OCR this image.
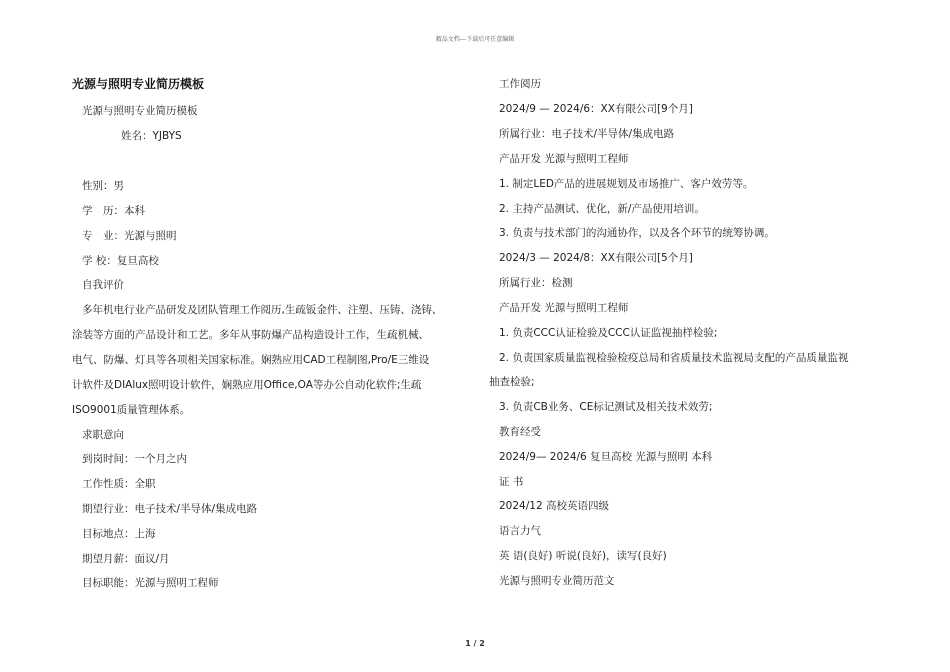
精品文档---下载后可任意编辑
光源与照明专业简历模板
光源与照明专业简历模板
姓名：YJBYS
性别：男
学　历：本科
专　业：光源与照明
学 校：复旦高校
自我评价
多年机电行业产品研发及团队管理工作阅历,生疏钣金件、注塑、压铸、浇铸、
涂装等方面的产品设计和工艺。多年从事防爆产品构造设计工作，生疏机械、
电气、防爆、灯具等各项相关国家标准。娴熟应用CAD工程制图,Pro/E三维设
计软件及DIAlux照明设计软件，娴熟应用Office,OA等办公自动化软件;生疏
ISO9001质量管理体系。
求职意向
到岗时间：一个月之内
工作性质：全职
期望行业：电子技术/半导体/集成电路
目标地点：上海
期望月薪：面议/月
目标职能：光源与照明工程师
工作阅历
2024/9 — 2024/6：XX有限公司[9个月]
所属行业：电子技术/半导体/集成电路
产品开发 光源与照明工程师
1. 制定LED产品的进展规划及市场推广、客户效劳等。
2. 主持产品测试、优化，新/产品使用培训。
3. 负责与技术部门的沟通协作，以及各个环节的统筹协调。
2024/3 — 2024/8：XX有限公司[5个月]
所属行业：检测
产品开发 光源与照明工程师
1. 负责CCC认证检验及CCC认证监视抽样检验;
2. 负责国家质量监视检验检疫总局和省质量技术监视局支配的产品质量监视
抽查检验;
3. 负责CB业务、CE标记测试及相关技术效劳;
教育经受
2024/9— 2024/6 复旦高校 光源与照明 本科
证 书
2024/12 高校英语四级
语言力气
英 语(良好) 听说(良好)，读写(良好)
光源与照明专业简历范文
1 / 2
